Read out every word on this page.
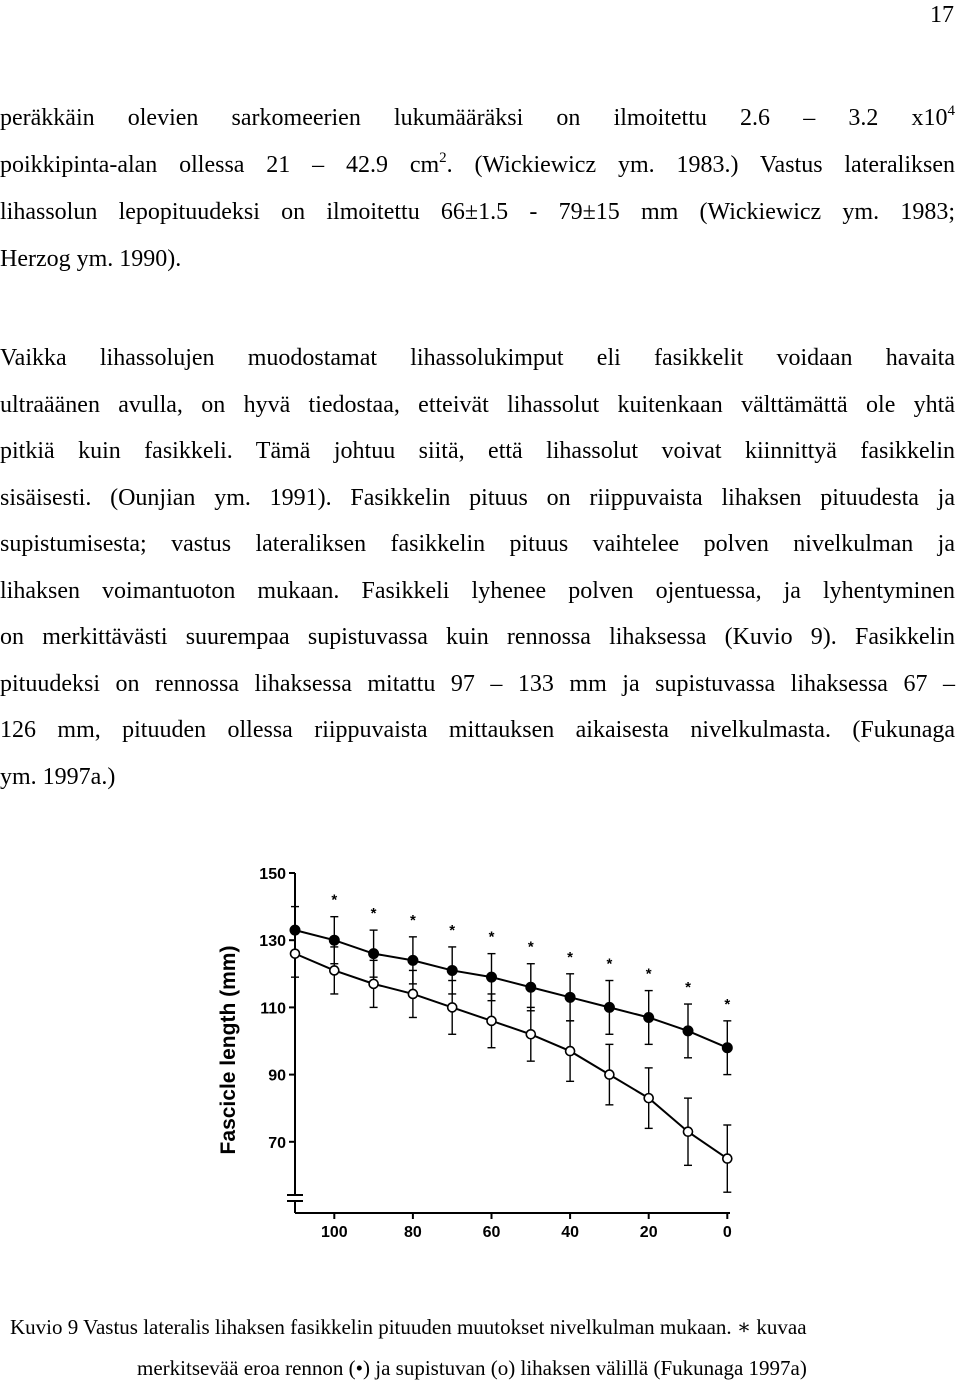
17
peräkkäin olevien sarkomeerien lukumääräksi on ilmoitettu 2.6 – 3.2 $x10^4$
poikkipinta-alan ollessa 21 – 42.9 $cm^2$. (Wickiewicz ym. 1983.) Vastus lateraliksen
lihassolun lepopituudeksi on ilmoitettu 66±1.5 - 79±15 mm (Wickiewicz ym. 1983;
Herzog ym. 1990).
Vaikka lihassolujen muodostamat lihassolukimput eli fasikkelit voidaan havaita
ultraäänen avulla, on hyvä tiedostaa, etteivät lihassolut kuitenkaan välttämättä ole yhtä
pitkiä kuin fasikkeli. Tämä johtuu siitä, että lihassolut voivat kiinnittyä fasikkelin
sisäisesti. (Ounjian ym. 1991). Fasikkelin pituus on riippuvaista lihaksen pituudesta ja
supistumisesta; vastus lateraliksen fasikkelin pituus vaihtelee polven nivelkulman ja
lihaksen voimantuoton mukaan. Fasikkeli lyhenee polven ojentuessa, ja lyhentyminen
on merkittävästi suurempaa supistuvassa kuin rennossa lihaksessa (Kuvio 9). Fasikkelin
pituudeksi on rennossa lihaksessa mitattu 97 – 133 mm ja supistuvassa lihaksessa 67 –
126 mm, pituuden ollessa riippuvaista mittauksen aikaisesta nivelkulmasta. (Fukunaga
ym. 1997a.)
150
130
110
90
70
100	80	60	40	20	0
*
* *
* *
*
* *
*
*
*
Fascicle length (mm)
Kuvio 9 Vastus lateralis lihaksen fasikkelin pituuden muutokset nivelkulman mukaan. ∗ kuvaa
merkitsevää eroa rennon (•) ja supistuvan (o) lihaksen välillä (Fukunaga 1997a)
